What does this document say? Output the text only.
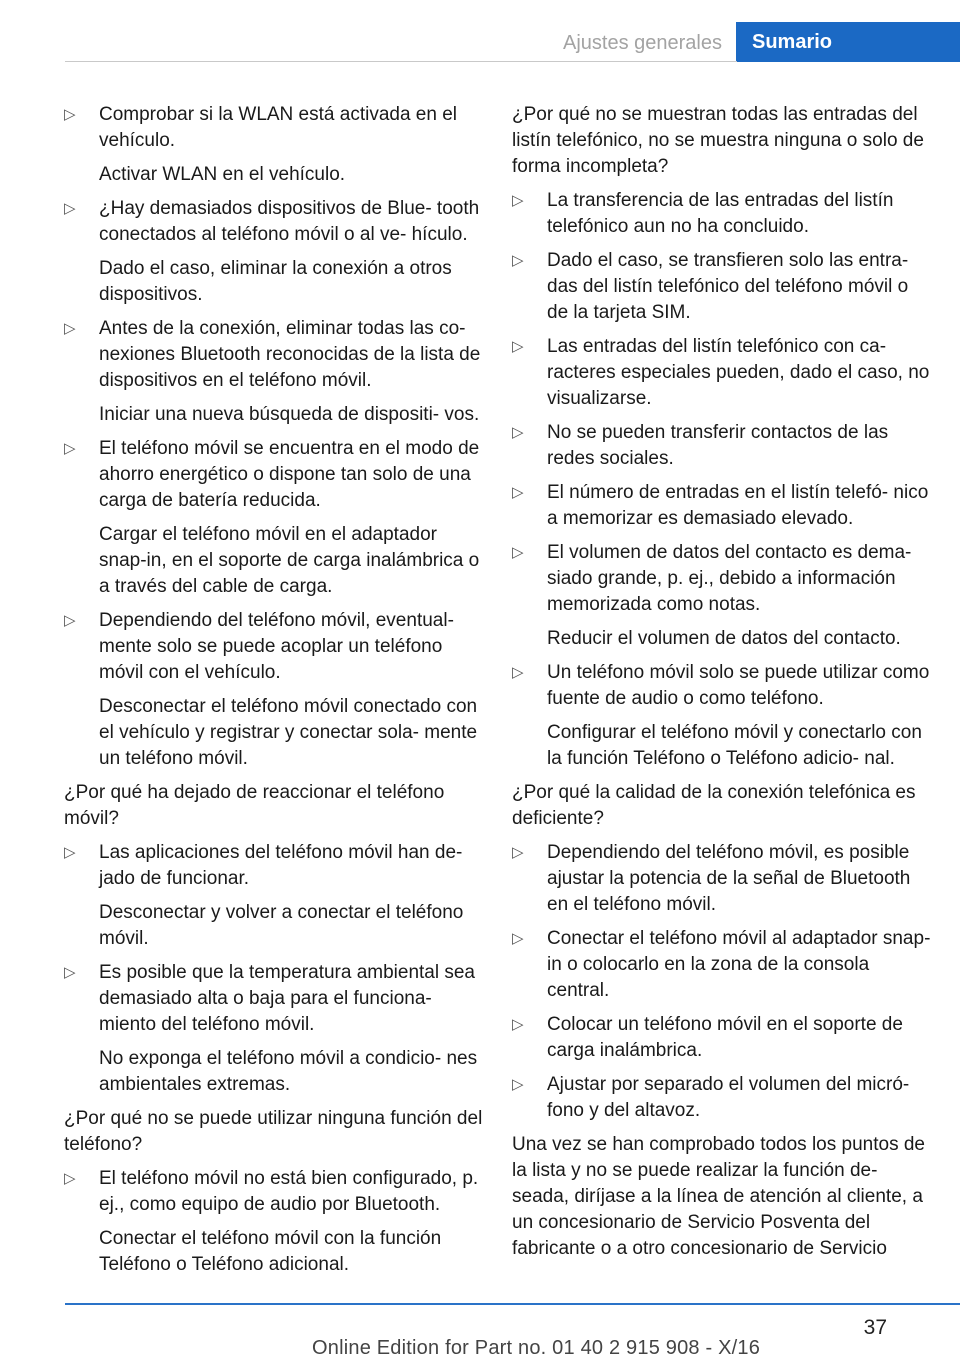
Ajustes generales	Sumario
▷ Comprobar si la WLAN está activada en el vehículo.

Activar WLAN en el vehículo.

▷ ¿Hay demasiados dispositivos de Blue‐ tooth conectados al teléfono móvil o al ve‐ hículo.

Dado el caso, eliminar la conexión a otros dispositivos.

▷ Antes de la conexión, eliminar todas las co‐ nexiones Bluetooth reconocidas de la lista de dispositivos en el teléfono móvil.

Iniciar una nueva búsqueda de dispositi‐ vos.

▷ El teléfono móvil se encuentra en el modo de ahorro energético o dispone tan solo de una carga de batería reducida.

Cargar el teléfono móvil en el adaptador snap-in, en el soporte de carga inalámbrica o a través del cable de carga.

▷ Dependiendo del teléfono móvil, eventual‐ mente solo se puede acoplar un teléfono móvil con el vehículo.

Desconectar el teléfono móvil conectado con el vehículo y registrar y conectar sola‐ mente un teléfono móvil.

¿Por qué ha dejado de reaccionar el teléfono móvil?

▷ Las aplicaciones del teléfono móvil han de‐ jado de funcionar.

Desconectar y volver a conectar el teléfono móvil.

▷ Es posible que la temperatura ambiental sea demasiado alta o baja para el funciona‐ miento del teléfono móvil.

No exponga el teléfono móvil a condicio‐ nes ambientales extremas.

¿Por qué no se puede utilizar ninguna función del teléfono?

▷ El teléfono móvil no está bien configurado, p. ej., como equipo de audio por Bluetooth.

Conectar el teléfono móvil con la función Teléfono o Teléfono adicional.

¿Por qué no se muestran todas las entradas del listín telefónico, no se muestra ninguna o solo de forma incompleta?

▷ La transferencia de las entradas del listín telefónico aun no ha concluido.

▷ Dado el caso, se transfieren solo las entra‐ das del listín telefónico del teléfono móvil o de la tarjeta SIM.

▷ Las entradas del listín telefónico con ca‐ racteres especiales pueden, dado el caso, no visualizarse.

▷ No se pueden transferir contactos de las redes sociales.

▷ El número de entradas en el listín telefó‐ nico a memorizar es demasiado elevado.

▷ El volumen de datos del contacto es dema‐ siado grande, p. ej., debido a información memorizada como notas.

Reducir el volumen de datos del contacto.

▷ Un teléfono móvil solo se puede utilizar como fuente de audio o como teléfono.

Configurar el teléfono móvil y conectarlo con la función Teléfono o Teléfono adicio‐ nal.

¿Por qué la calidad de la conexión telefónica es deficiente?

▷ Dependiendo del teléfono móvil, es posible ajustar la potencia de la señal de Bluetooth en el teléfono móvil.

▷ Conectar el teléfono móvil al adaptador snap-in o colocarlo en la zona de la consola central.

▷ Colocar un teléfono móvil en el soporte de carga inalámbrica.

▷ Ajustar por separado el volumen del micró‐ fono y del altavoz.

Una vez se han comprobado todos los puntos de la lista y no se puede realizar la función de‐ seada, diríjase a la línea de atención al cliente, a un concesionario de Servicio Posventa del fabricante o a otro concesionario de Servicio

37
Online Edition for Part no. 01 40 2 915 908 - X/16
